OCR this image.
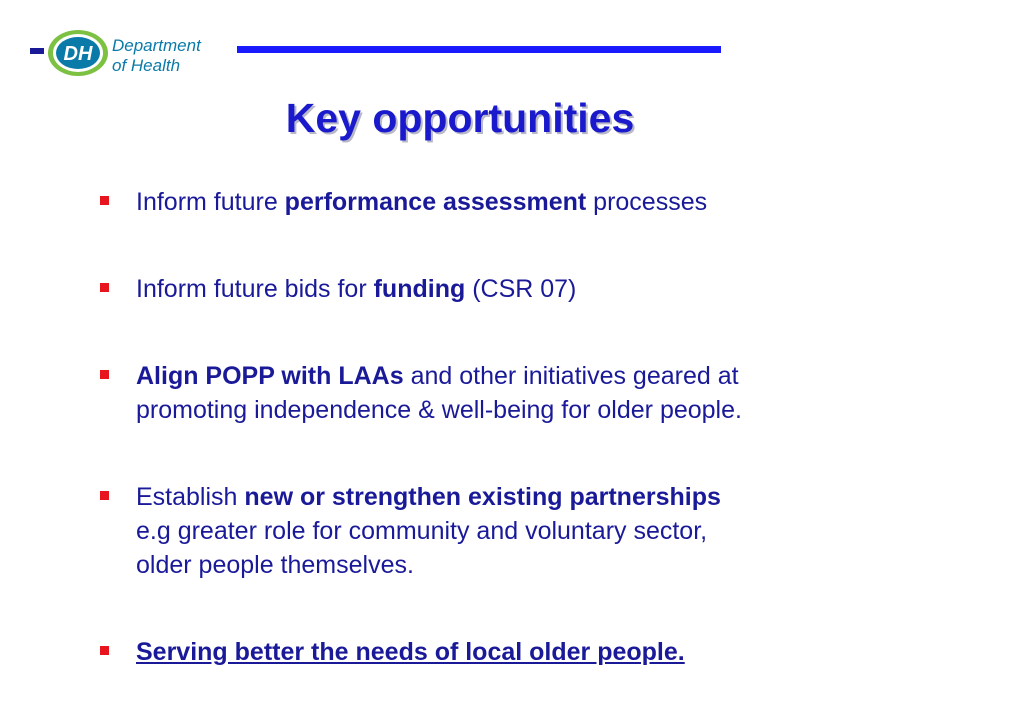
DH Department
of Health
Key opportunities
Inform future performance assessment processes
Inform future bids for funding (CSR 07)
Align POPP with LAAs and other initiatives geared at
promoting independence & well-being for older people.
Establish new or strengthen existing partnerships
e.g greater role for community and voluntary sector,
older people themselves.
Serving better the needs of local older people.
